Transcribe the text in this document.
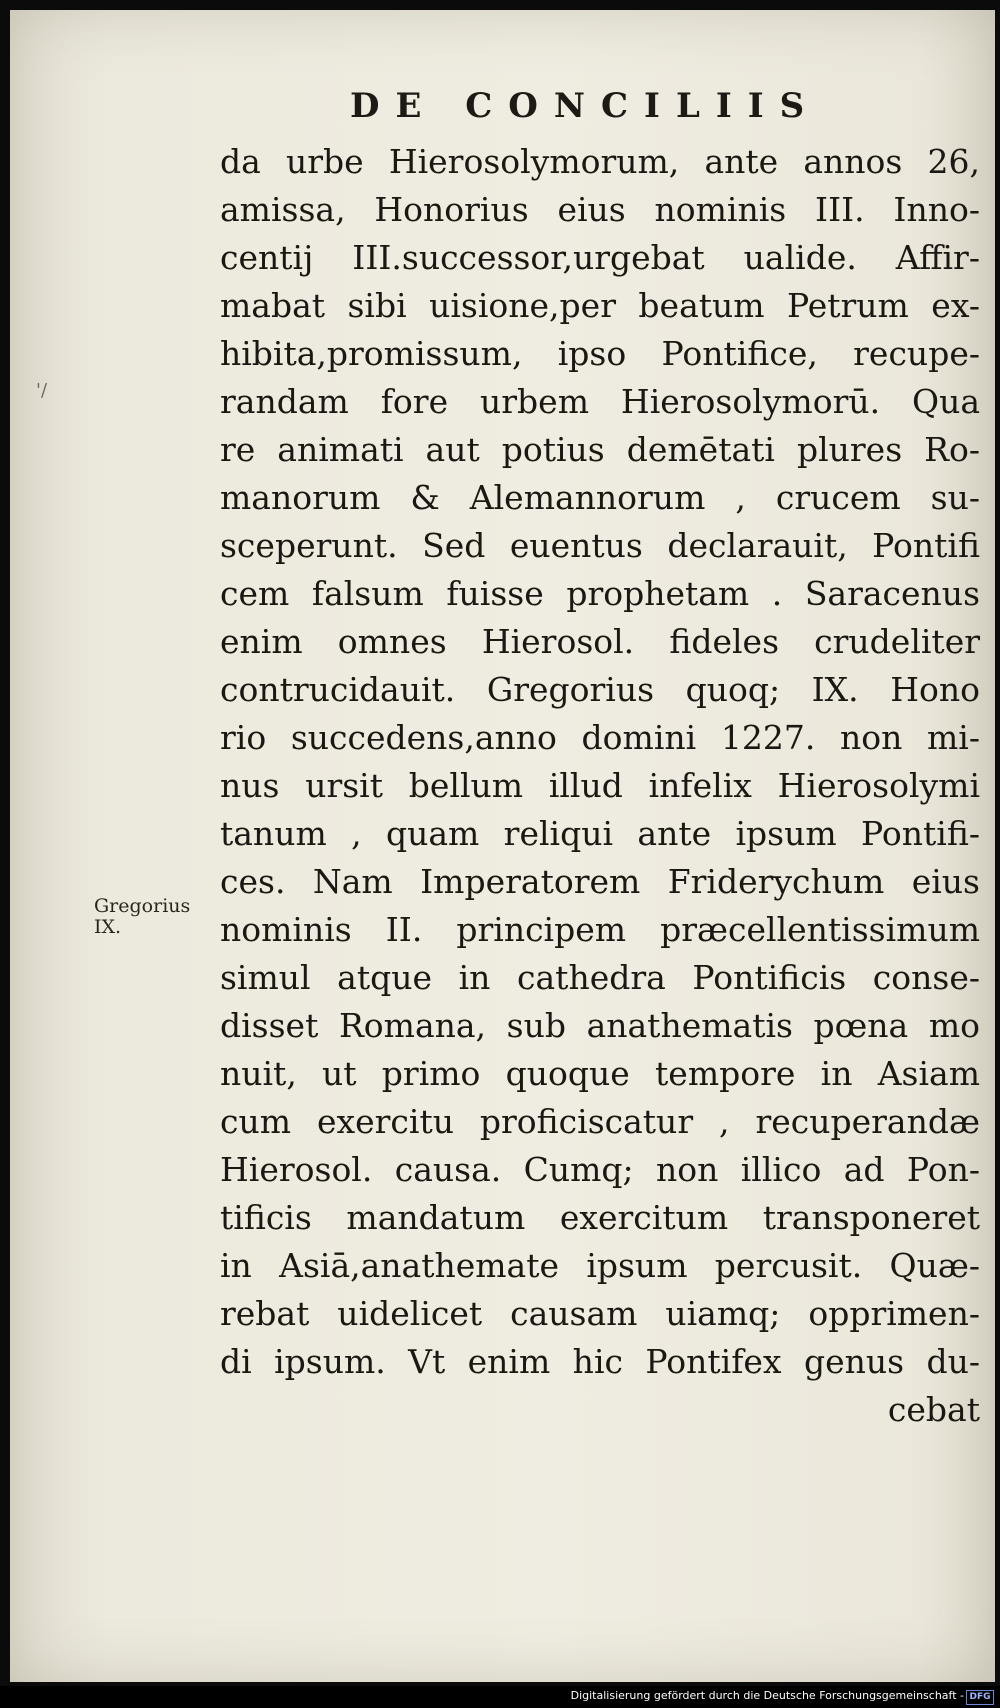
'/
DE CONCILIIS
Gregorius
IX.
da urbe Hierosolymorum, ante annos 26,
amissa, Honorius eius nominis III. Inno-
centij III.successor,urgebat ualide. Affir-
mabat sibi uisione,per beatum Petrum ex-
hibita,promissum, ipso Pontifice, recupe-
randam fore urbem Hierosolymorū. Qua
re animati aut potius demētati plures Ro-
manorum & Alemannorum , crucem su-
sceperunt. Sed euentus declarauit, Pontifi
cem falsum fuisse prophetam . Saracenus
enim omnes Hierosol. fideles crudeliter
contrucidauit. Gregorius quoq; IX. Hono
rio succedens,anno domini 1227. non mi-
nus ursit bellum illud infelix Hierosolymi
tanum , quam reliqui ante ipsum Pontifi-
ces. Nam Imperatorem Friderychum eius
nominis II. principem præcellentissimum
simul atque in cathedra Pontificis conse-
disset Romana, sub anathematis pœna mo
nuit, ut primo quoque tempore in Asiam
cum exercitu proficiscatur , recuperandæ
Hierosol. causa. Cumq; non illico ad Pon-
tificis mandatum exercitum transponeret
in Asiā,anathemate ipsum percusit. Quæ-
rebat uidelicet causam uiamq; opprimen-
di ipsum. Vt enim hic Pontifex genus du-
cebat
Digitalisierung gefördert durch die Deutsche Forschungsgemeinschaft - DFG
